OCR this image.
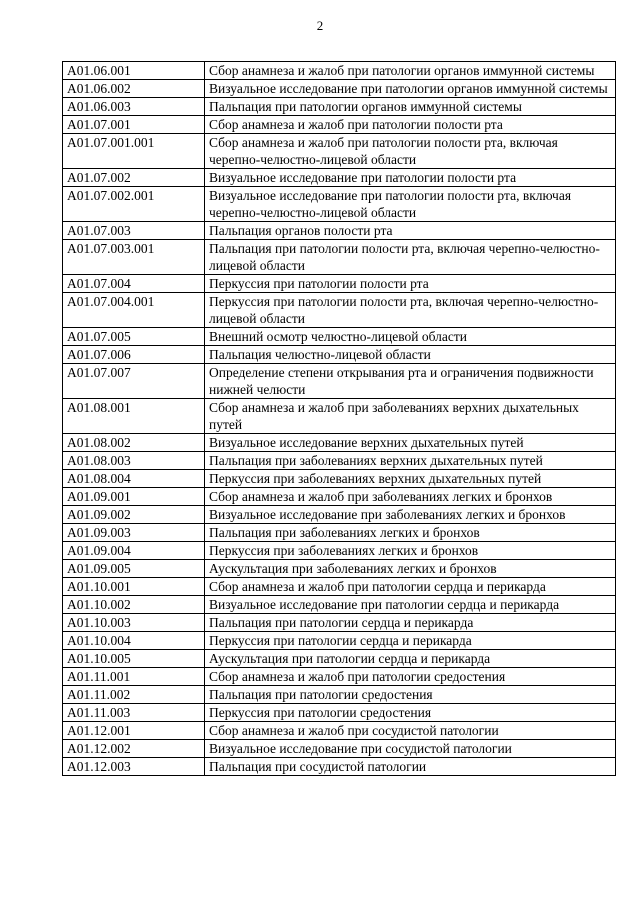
2
A01.06.001	Сбор анамнеза и жалоб при патологии органов иммунной системы
A01.06.002	Визуальное исследование при патологии органов иммунной системы
A01.06.003	Пальпация при патологии органов иммунной системы
A01.07.001	Сбор анамнеза и жалоб при патологии полости рта
A01.07.001.001	Сбор анамнеза и жалоб при патологии полости рта, включая черепно-челюстно-лицевой области
A01.07.002	Визуальное исследование при патологии полости рта
A01.07.002.001	Визуальное исследование при патологии полости рта, включая черепно-челюстно-лицевой области
A01.07.003	Пальпация органов полости рта
A01.07.003.001	Пальпация при патологии полости рта, включая черепно-челюстно-лицевой области
A01.07.004	Перкуссия при патологии полости рта
A01.07.004.001	Перкуссия при патологии полости рта, включая черепно-челюстно-лицевой области
A01.07.005	Внешний осмотр челюстно-лицевой области
A01.07.006	Пальпация челюстно-лицевой области
A01.07.007	Определение степени открывания рта и ограничения подвижности нижней челюсти
A01.08.001	Сбор анамнеза и жалоб при заболеваниях верхних дыхательных путей
A01.08.002	Визуальное исследование верхних дыхательных путей
A01.08.003	Пальпация при заболеваниях верхних дыхательных путей
A01.08.004	Перкуссия при заболеваниях верхних дыхательных путей
A01.09.001	Сбор анамнеза и жалоб при заболеваниях легких и бронхов
A01.09.002	Визуальное исследование при заболеваниях легких и бронхов
A01.09.003	Пальпация при заболеваниях легких и бронхов
A01.09.004	Перкуссия при заболеваниях легких и бронхов
A01.09.005	Аускультация при заболеваниях легких и бронхов
A01.10.001	Сбор анамнеза и жалоб при патологии сердца и перикарда
A01.10.002	Визуальное исследование при патологии сердца и перикарда
A01.10.003	Пальпация при патологии сердца и перикарда
A01.10.004	Перкуссия при патологии сердца и перикарда
A01.10.005	Аускультация при патологии сердца и перикарда
A01.11.001	Сбор анамнеза и жалоб при патологии средостения
A01.11.002	Пальпация при патологии средостения
A01.11.003	Перкуссия при патологии средостения
A01.12.001	Сбор анамнеза и жалоб при сосудистой патологии
A01.12.002	Визуальное исследование при сосудистой патологии
A01.12.003	Пальпация при сосудистой патологии
